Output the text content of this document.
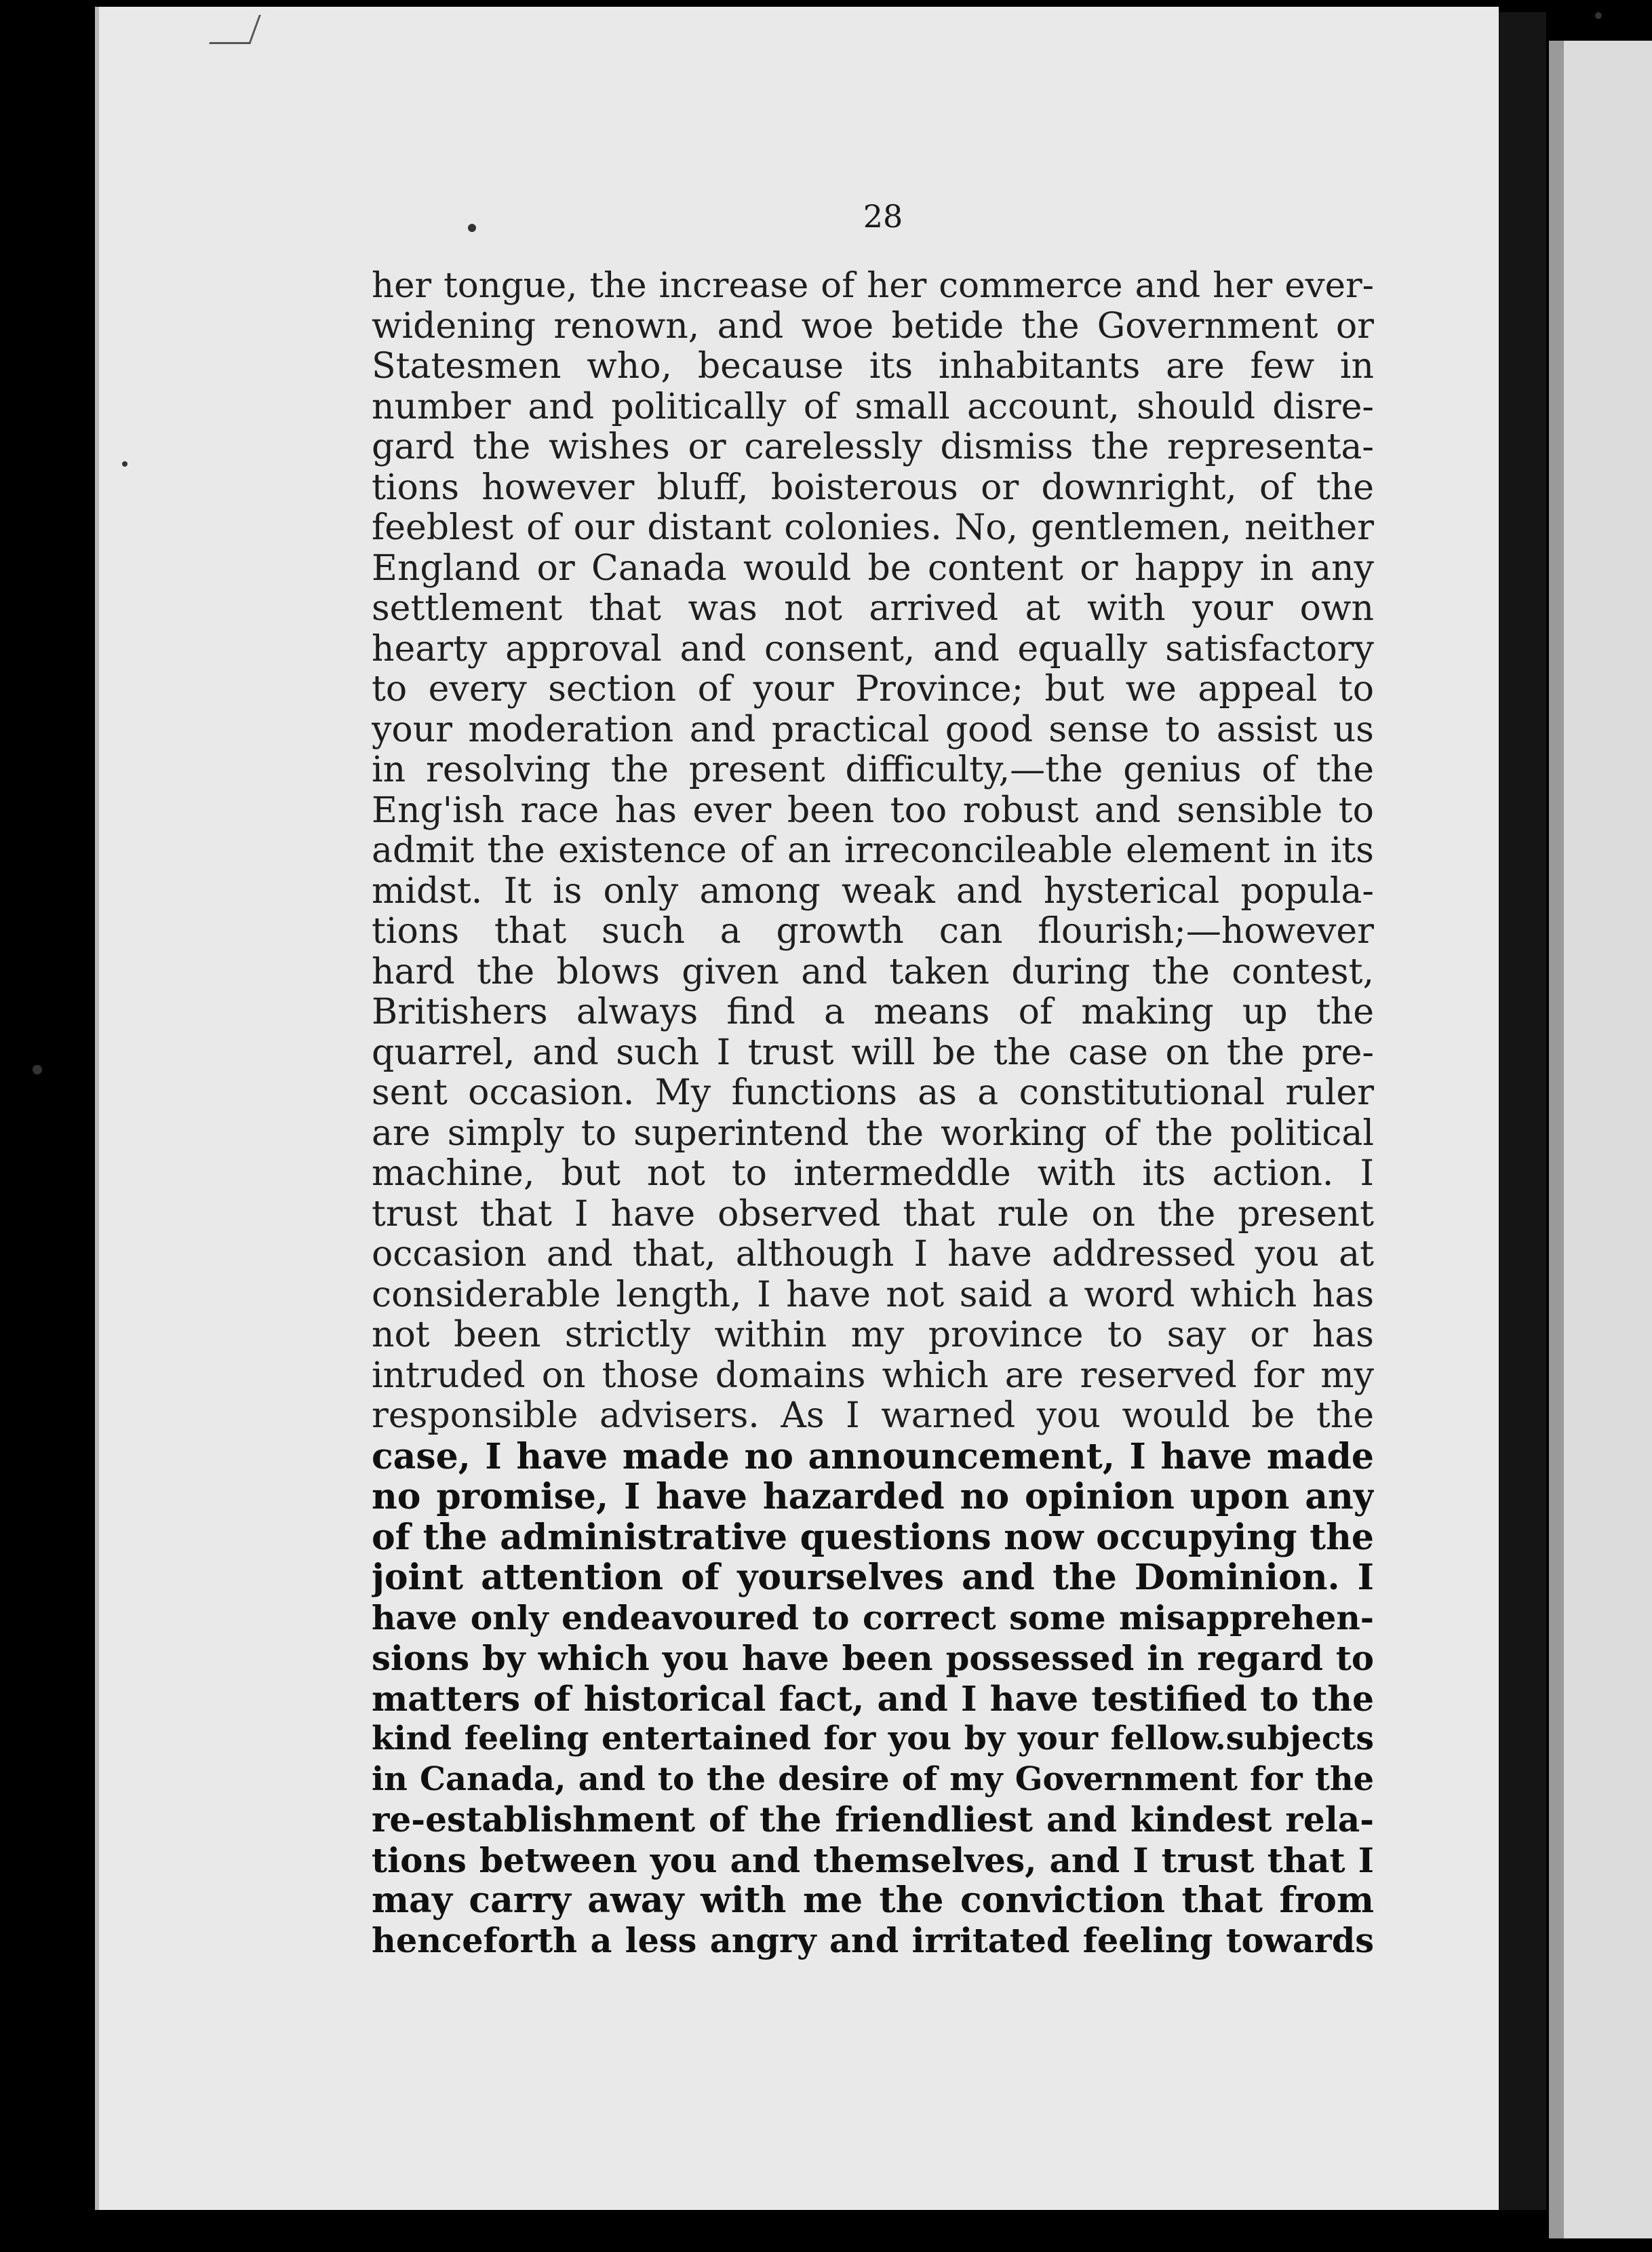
28
her tongue, the increase of her commerce and her ever-
widening renown, and woe betide the Government or
Statesmen who, because its inhabitants are few in
number and politically of small account, should disre-
gard the wishes or carelessly dismiss the representa-
tions however bluff, boisterous or downright, of the
feeblest of our distant colonies. No, gentlemen, neither
England or Canada would be content or happy in any
settlement that was not arrived at with your own
hearty approval and consent, and equally satisfactory
to every section of your Province; but we appeal to
your moderation and practical good sense to assist us
in resolving the present difficulty,—the genius of the
Eng'ish race has ever been too robust and sensible to
admit the existence of an irreconcileable element in its
midst. It is only among weak and hysterical popula-
tions that such a growth can flourish;—however
hard the blows given and taken during the contest,
Britishers always find a means of making up the
quarrel, and such I trust will be the case on the pre-
sent occasion. My functions as a constitutional ruler
are simply to superintend the working of the political
machine, but not to intermeddle with its action. I
trust that I have observed that rule on the present
occasion and that, although I have addressed you at
considerable length, I have not said a word which has
not been strictly within my province to say or has
intruded on those domains which are reserved for my
responsible advisers. As I warned you would be the
case, I have made no announcement, I have made
no promise, I have hazarded no opinion upon any
of the administrative questions now occupying the
joint attention of yourselves and the Dominion. I
have only endeavoured to correct some misapprehen-
sions by which you have been possessed in regard to
matters of historical fact, and I have testified to the
kind feeling entertained for you by your fellow.subjects
in Canada, and to the desire of my Government for the
re-establishment of the friendliest and kindest rela-
tions between you and themselves, and I trust that I
may carry away with me the conviction that from
henceforth a less angry and irritated feeling towards
